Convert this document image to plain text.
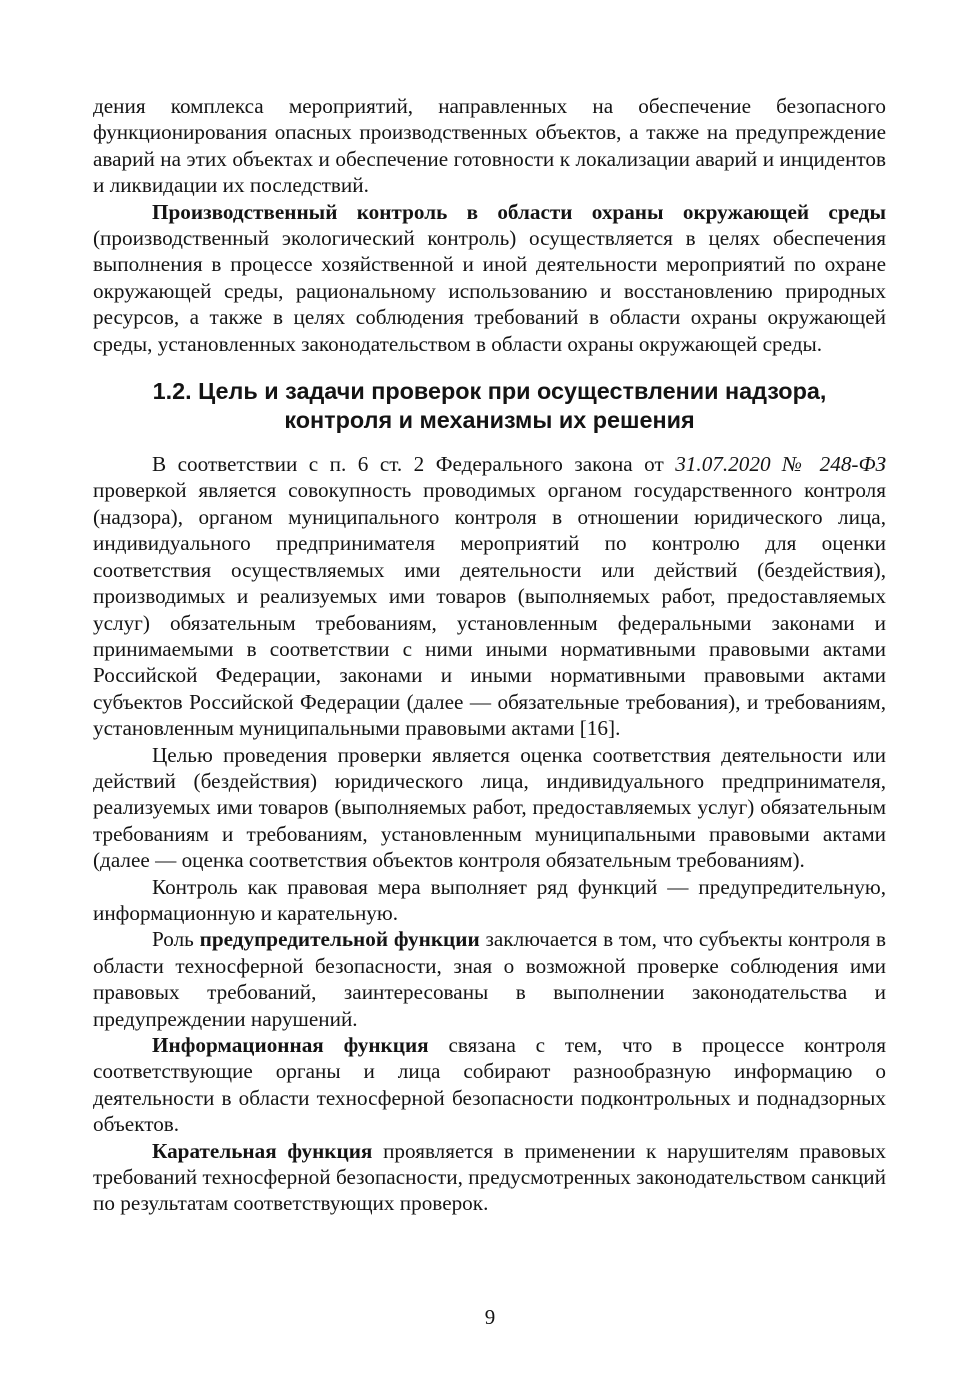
дения комплекса мероприятий, направленных на обеспечение безопасного функционирования опасных производственных объектов, а также на предупреждение аварий на этих объектах и обеспечение готовности к локализации аварий и инцидентов и ликвидации их последствий.

Производственный контроль в области охраны окружающей среды (производственный экологический контроль) осуществляется в целях обеспечения выполнения в процессе хозяйственной и иной деятельности мероприятий по охране окружающей среды, рациональному использованию и восстановлению природных ресурсов, а также в целях соблюдения требований в области охраны окружающей среды, установленных законодательством в области охраны окружающей среды.

1.2. Цель и задачи проверок при осуществлении надзора,
контроля и механизмы их решения

В соответствии с п. 6 ст. 2 Федерального закона от 31.07.2020 № 248-ФЗ проверкой является совокупность проводимых органом государственного контроля (надзора), органом муниципального контроля в отношении юридического лица, индивидуального предпринимателя мероприятий по контролю для оценки соответствия осуществляемых ими деятельности или действий (бездействия), производимых и реализуемых ими товаров (выполняемых работ, предоставляемых услуг) обязательным требованиям, установленным федеральными законами и принимаемыми в соответствии с ними иными нормативными правовыми актами Российской Федерации, законами и иными нормативными правовыми актами субъектов Российской Федерации (далее — обязательные требования), и требованиям, установленным муниципальными правовыми актами [16].

Целью проведения проверки является оценка соответствия деятельности или действий (бездействия) юридического лица, индивидуального предпринимателя, реализуемых ими товаров (выполняемых работ, предоставляемых услуг) обязательным требованиям и требованиям, установленным муниципальными правовыми актами (далее — оценка соответствия объектов контроля обязательным требованиям).

Контроль как правовая мера выполняет ряд функций — предупредительную, информационную и карательную.

Роль предупредительной функции заключается в том, что субъекты контроля в области техносферной безопасности, зная о возможной проверке соблюдения ими правовых требований, заинтересованы в выполнении законодательства и предупреждении нарушений.

Информационная функция связана с тем, что в процессе контроля соответствующие органы и лица собирают разнообразную информацию о деятельности в области техносферной безопасности подконтрольных и поднадзорных объектов.

Карательная функция проявляется в применении к нарушителям правовых требований техносферной безопасности, предусмотренных законодательством санкций по результатам соответствующих проверок.

9
